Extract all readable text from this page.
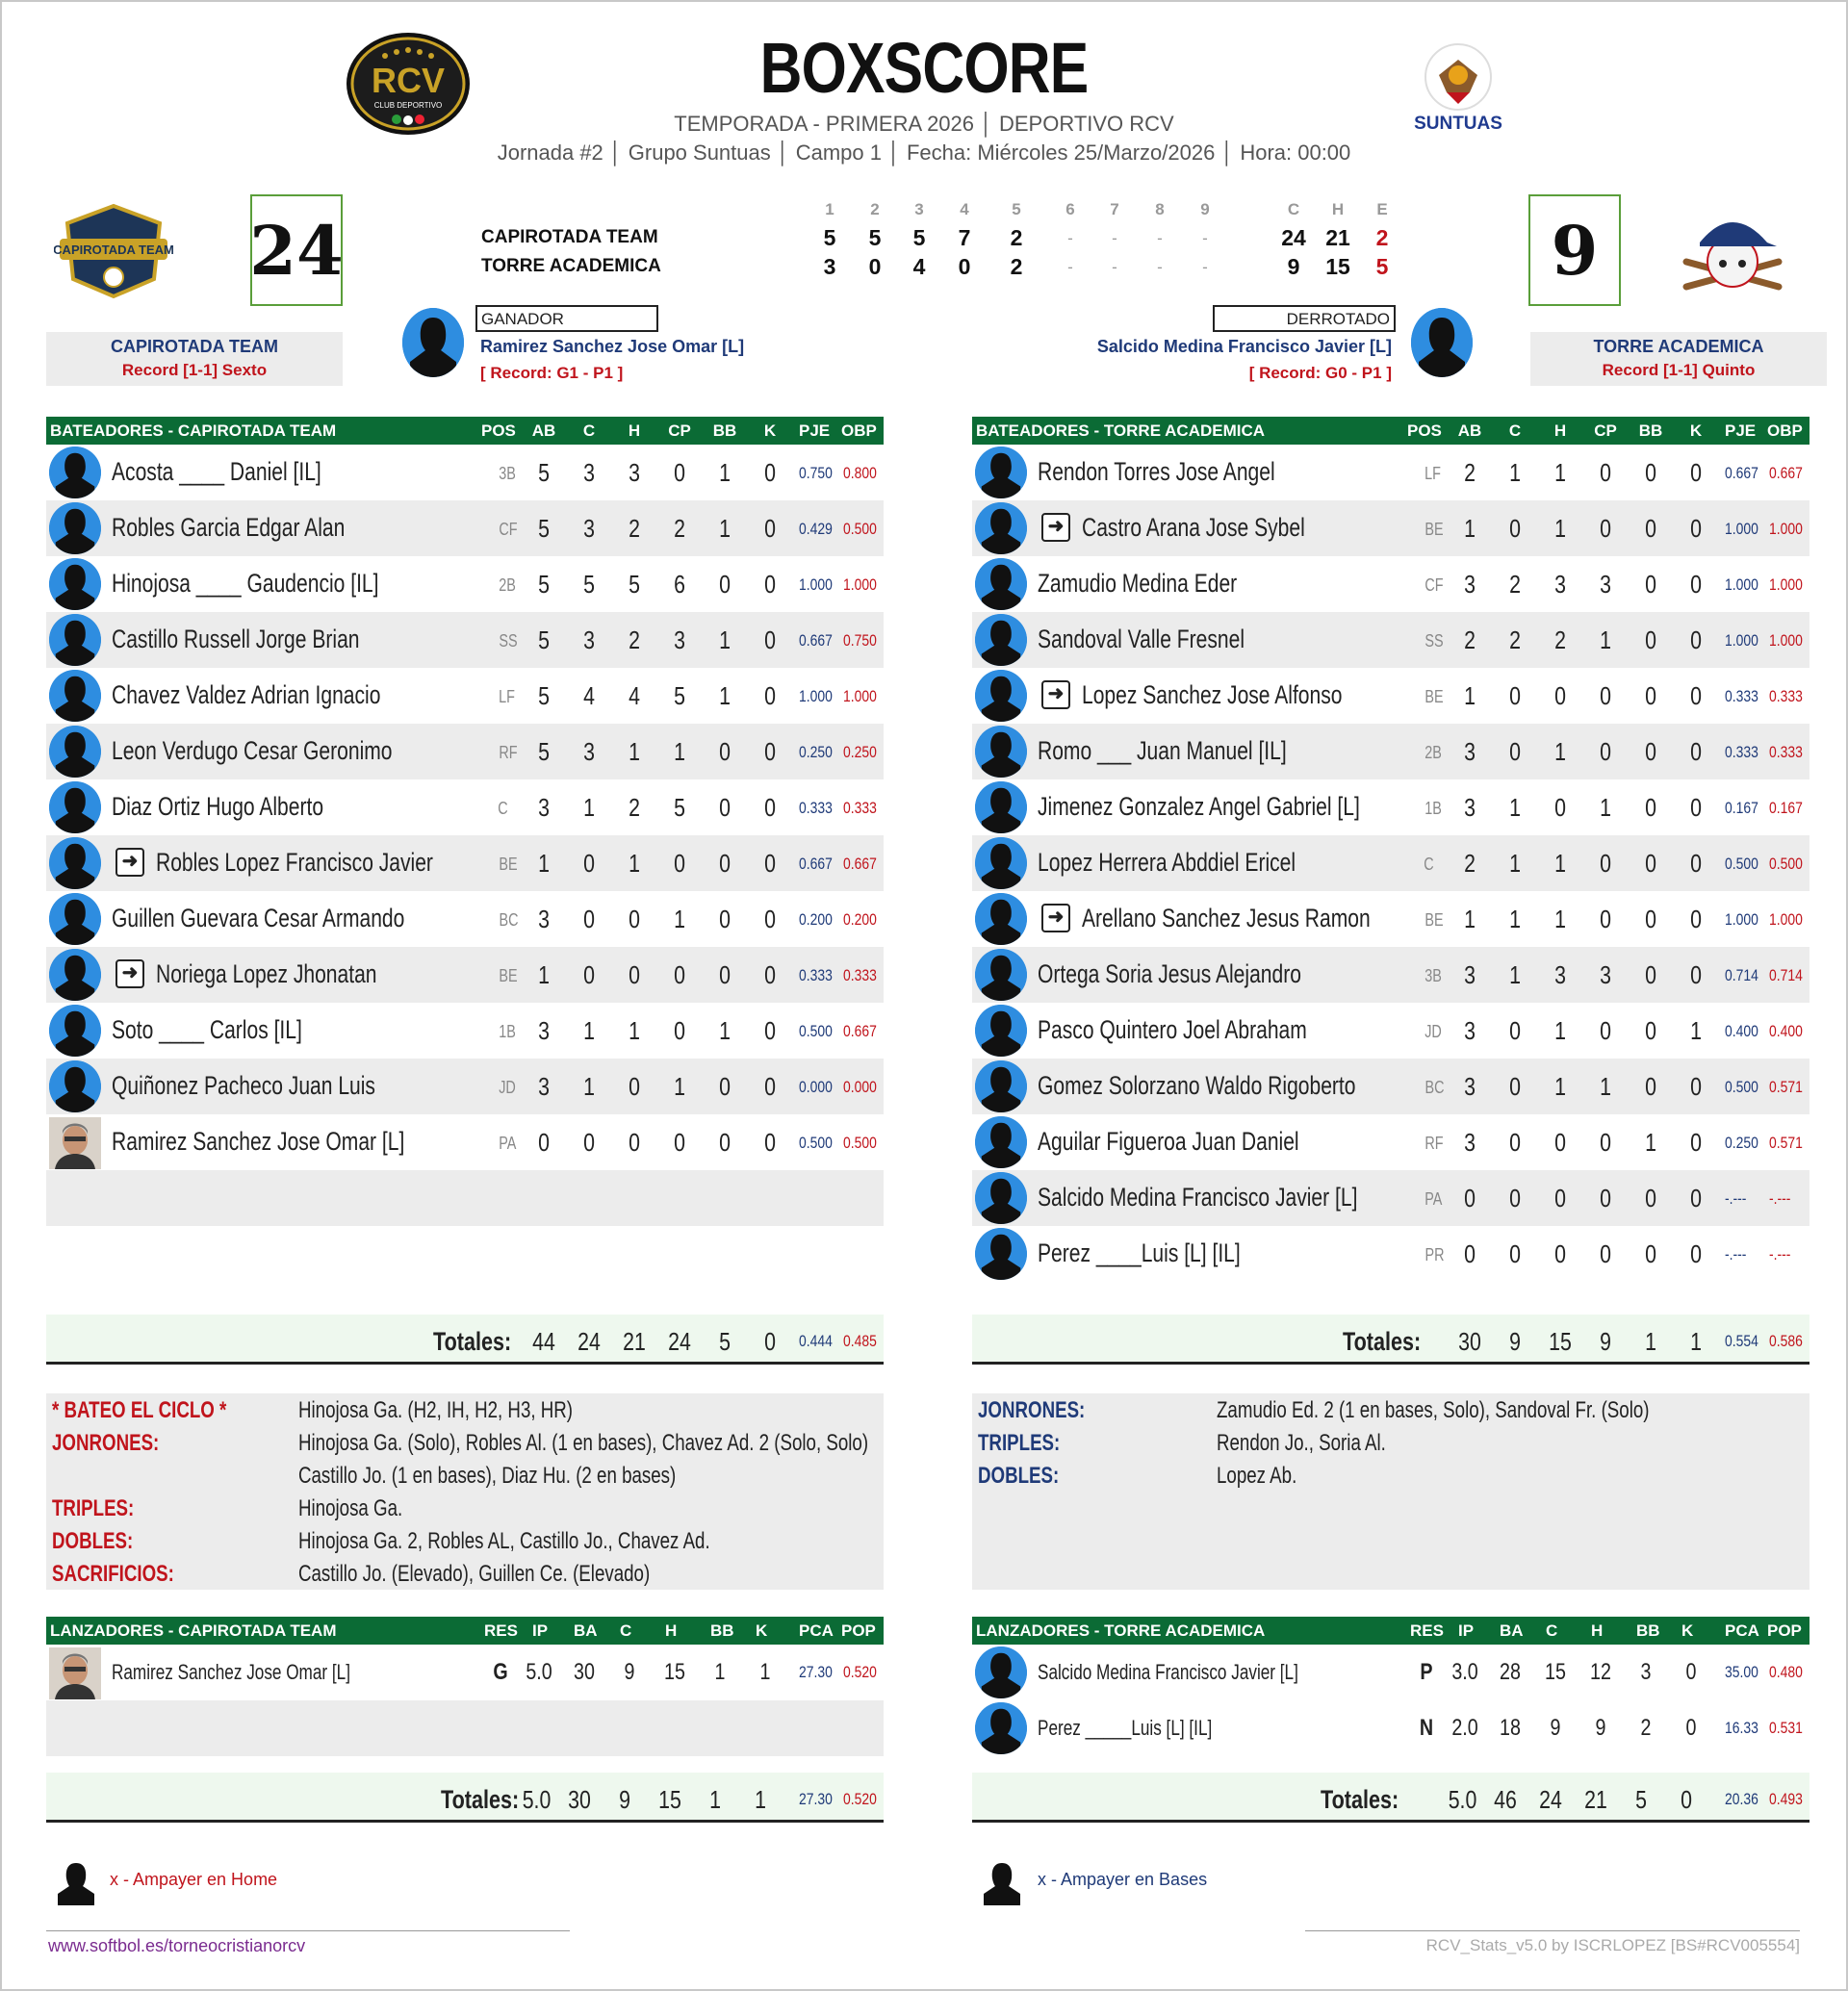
BOXSCORE
TEMPORADA - PRIMERA 2026 │ DEPORTIVO RCV
Jornada #2 │ Grupo Suntuas │ Campo 1 │ Fecha: Miércoles 25/Marzo/2026 │ Hora: 00:00
RCV
CLUB DEPORTIVO
SUNTUAS
CAPIROTADA TEAM 24	9
1	2	3	4	5	6	7	8	9	C	H	E
CAPIROTADA TEAM	5	5	5	7	2	-	-	-	-	24 21	2
TORRE ACADEMICA	3	0	4	0	2	-	-	-	-	9	15	5
CAPIROTADA TEAM
Record [1-1] Sexto
TORRE ACADEMICA
Record [1-1] Quinto
GANADOR
Ramirez Sanchez Jose Omar [L]
[ Record: G1 - P1 ]
DERROTADO
Salcido Medina Francisco Javier [L]
[ Record: G0 - P1 ]
BATEADORES - CAPIROTADA TEAM	POS AB	C	H	CP BB	K	PJE OBP
Acosta ____ Daniel [IL]	3B 5 3 3 0 1 0	0.750 0.800
Robles Garcia Edgar Alan	CF 5 3 2 2 1 0	0.429 0.500
Hinojosa ____ Gaudencio [IL]	2B 5 5 5 6 0 0	1.000 1.000
Castillo Russell Jorge Brian	SS 5 3 2 3 1 0	0.667 0.750
Chavez Valdez Adrian Ignacio	LF 5 4 4 5 1 0	1.000 1.000
Leon Verdugo Cesar Geronimo	RF 5 3 1 1 0 0	0.250 0.250
Diaz Ortiz Hugo Alberto	C 3 1 2 5 0 0	0.333 0.333
➜ Robles Lopez Francisco Javier	BE 1 0 1 0 0 0	0.667 0.667
Guillen Guevara Cesar Armando	BC 3 0 0 1 0 0	0.200 0.200
➜ Noriega Lopez Jhonatan	BE 1 0 0 0 0 0	0.333 0.333
Soto ____ Carlos [IL]	1B 3 1 1 0 1 0	0.500 0.667
Quiñonez Pacheco Juan Luis	JD 3 1 0 1 0 0	0.000 0.000
Ramirez Sanchez Jose Omar [L]	PA 0 0 0 0 0 0	0.500 0.500
BATEADORES - TORRE ACADEMICA	POS AB	C	H	CP BB	K	PJE OBP
Rendon Torres Jose Angel	LF 2 1 1 0 0 0	0.667 0.667
➜ Castro Arana Jose Sybel	BE 1 0 1 0 0 0	1.000 1.000
Zamudio Medina Eder	CF 3 2 3 3 0 0	1.000 1.000
Sandoval Valle Fresnel	SS 2 2 2 1 0 0	1.000 1.000
➜ Lopez Sanchez Jose Alfonso	BE 1 0 0 0 0 0	0.333 0.333
Romo ___ Juan Manuel [IL]	2B 3 0 1 0 0 0	0.333 0.333
Jimenez Gonzalez Angel Gabriel [L]	1B 3 1 0 1 0 0	0.167 0.167
Lopez Herrera Abddiel Ericel	C 2 1 1 0 0 0	0.500 0.500
➜ Arellano Sanchez Jesus Ramon	BE 1 1 1 0 0 0	1.000 1.000
Ortega Soria Jesus Alejandro	3B 3 1 3 3 0 0	0.714 0.714
Pasco Quintero Joel Abraham	JD 3 0 1 0 0 1	0.400 0.400
Gomez Solorzano Waldo Rigoberto	BC 3 0 1 1 0 0	0.500 0.571
Aguilar Figueroa Juan Daniel	RF 3 0 0 0 1 0	0.250 0.571
Salcido Medina Francisco Javier [L]	PA 0 0 0 0 0 0	-.--- -.---
Perez ____Luis [L] [IL]	PR 0 0 0 0 0 0	-.--- -.---
Totales: 44 24 21 24 5 0	0.444 0.485	Totales: 30 9 15 9 1 1	0.554 0.586
* BATEO EL CICLO *	Hinojosa Ga. (H2, IH, H2, H3, HR)
JONRONES:	Hinojosa Ga. (Solo), Robles Al. (1 en bases), Chavez Ad. 2 (Solo, Solo)
Castillo Jo. (1 en bases), Diaz Hu. (2 en bases)
TRIPLES:	Hinojosa Ga.
DOBLES:	Hinojosa Ga. 2, Robles AL, Castillo Jo., Chavez Ad.
SACRIFICIOS:	Castillo Jo. (Elevado), Guillen Ce. (Elevado)
JONRONES:	Zamudio Ed. 2 (1 en bases, Solo), Sandoval Fr. (Solo)
TRIPLES:	Rendon Jo., Soria Al.
DOBLES:	Lopez Ab.
LANZADORES - CAPIROTADA TEAM	RES IP BA C H BB K PCA POP
Ramirez Sanchez Jose Omar [L]	G 5.0 30	9	15	1	1	27.30 0.520
LANZADORES - TORRE ACADEMICA	RES IP BA C H BB K PCA POP
Salcido Medina Francisco Javier [L]	P 3.0 28 15 12	3	0	35.00 0.480
Perez _____Luis [L] [IL]	N 2.0 18	9	9	2	0	16.33 0.531
Totales: 5.0 30 9 15 1 1	27.30 0.520	Totales: 5.0 46 24 21 5 0	20.36 0.493
x - Ampayer en Home	x - Ampayer en Bases
www.softbol.es/torneocristianorcv	RCV_Stats_v5.0 by ISCRLOPEZ [BS#RCV005554]
